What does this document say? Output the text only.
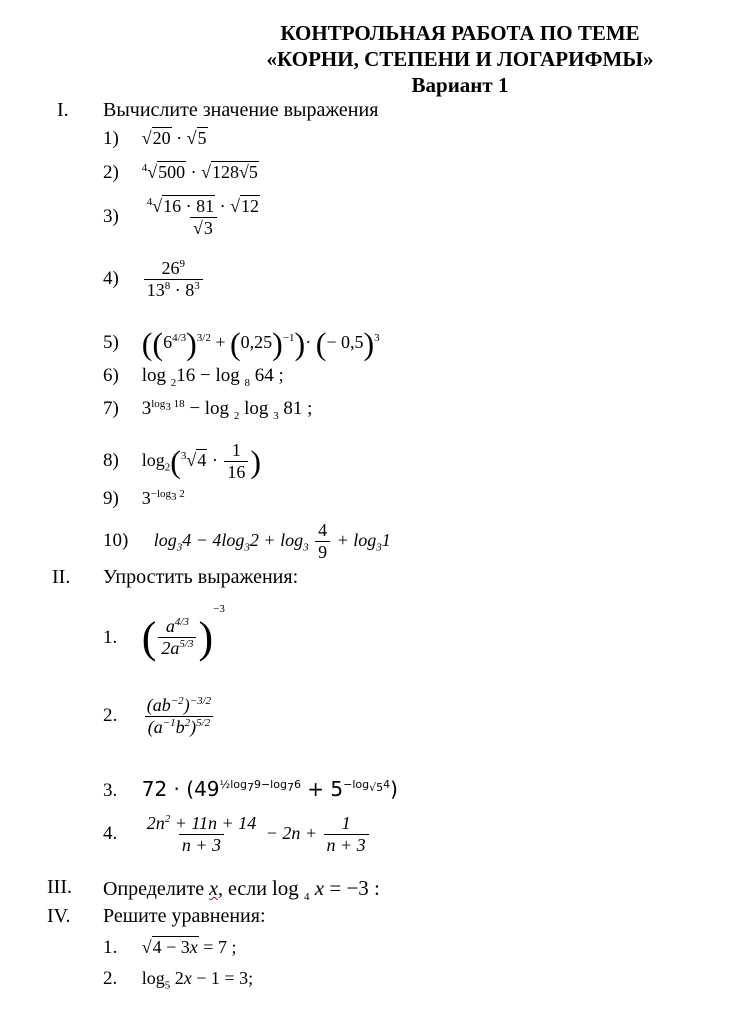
КОНТРОЛЬНАЯ РАБОТА ПО ТЕМЕ
«КОРНИ, СТЕПЕНИ И ЛОГАРИФМЫ»
Вариант 1
I. Вычислите значение выражения
1) √20 · √5
2) $^4$√500 · √128√5
$3) \frac{^4√16 \cdot 81 \cdot √12}{√3}$
$4) \frac{26^9}{13^8 \cdot 8^3}$
5) $((6^{4/3})^{3/2} + (0,25)^{-1})\cdot$ (− 0,5)$^3$
6) log $_2$16 − log $_8$ 64 ;
7) $3^{log_3 18} - \log _2$ log $_3$ 81 ;
8) $\log_2(^3√4 \cdot \frac{1}{16}$ )
9) $3^{-log_3 2}$
10) $\log_34 - 4\log_32 + \log_3 \frac{4}{9} + \log_31$
II. Упростить выражения:
1. ( $\frac{a^{4/3}}{2a^{5/3}} )^{-3}$
2. $\frac{(ab^{-2})^{-3/2}}{(a^{-1}b^2)^{5/2}}$
3. $72 \cdot (49^{\frac{1}{2}log_79-log_76} + 5^{-log_{√5}4})$
4. $\frac{2n^2 + 11n + 14}{n + 3} - 2n + \frac{1}{n + 3}$
III. Определите x, если log $_4$ x = −3 :
IV. Решите уравнения:
1. √4 − 3x = 7 ;
2. $\log_5 2x - 1 = 3$;
